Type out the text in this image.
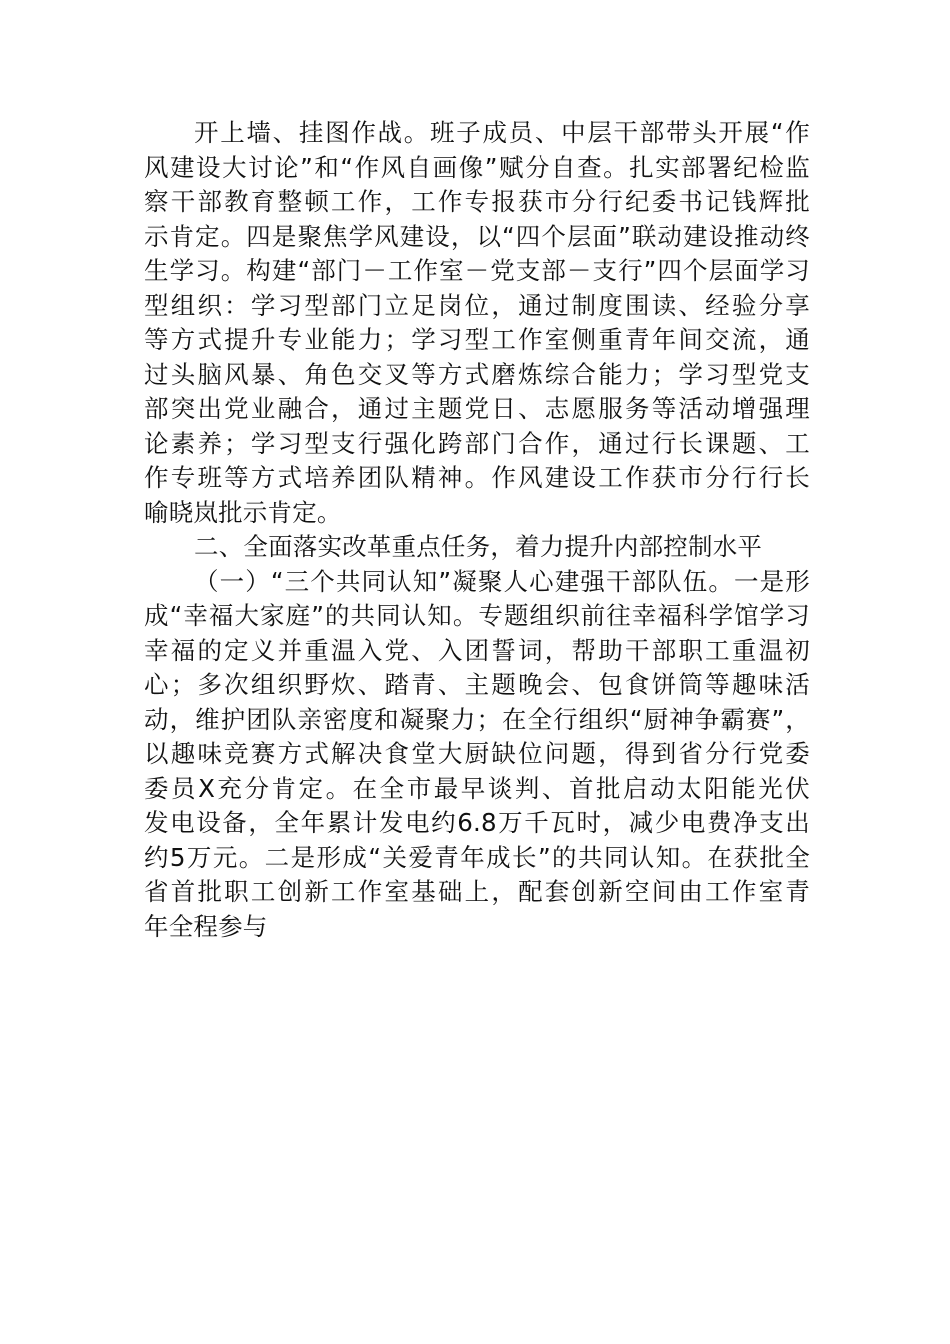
开上墙、挂图作战。班子成员、中层干部带头开展“作
风建设大讨论”和“作风自画像”赋分自查。扎实部署纪检监
察干部教育整顿工作，工作专报获市分行纪委书记钱辉批
示肯定。四是聚焦学风建设，以“四个层面”联动建设推动终
生学习。构建“部门－工作室－党支部－支行”四个层面学习
型组织：学习型部门立足岗位，通过制度围读、经验分享
等方式提升专业能力；学习型工作室侧重青年间交流，通
过头脑风暴、角色交叉等方式磨炼综合能力；学习型党支
部突出党业融合，通过主题党日、志愿服务等活动增强理
论素养；学习型支行强化跨部门合作，通过行长课题、工
作专班等方式培养团队精神。作风建设工作获市分行行长
喻晓岚批示肯定。
二、全面落实改革重点任务，着力提升内部控制水平
（一）“三个共同认知”凝聚人心建强干部队伍。一是形
成“幸福大家庭”的共同认知。专题组织前往幸福科学馆学习
幸福的定义并重温入党、入团誓词，帮助干部职工重温初
心；多次组织野炊、踏青、主题晚会、包食饼筒等趣味活
动，维护团队亲密度和凝聚力；在全行组织“厨神争霸赛”，
以趣味竞赛方式解决食堂大厨缺位问题，得到省分行党委
委员X充分肯定。在全市最早谈判、首批启动太阳能光伏
发电设备，全年累计发电约6.8万千瓦时，减少电费净支出
约5万元。二是形成“关爱青年成长”的共同认知。在获批全
省首批职工创新工作室基础上，配套创新空间由工作室青
年全程参与
